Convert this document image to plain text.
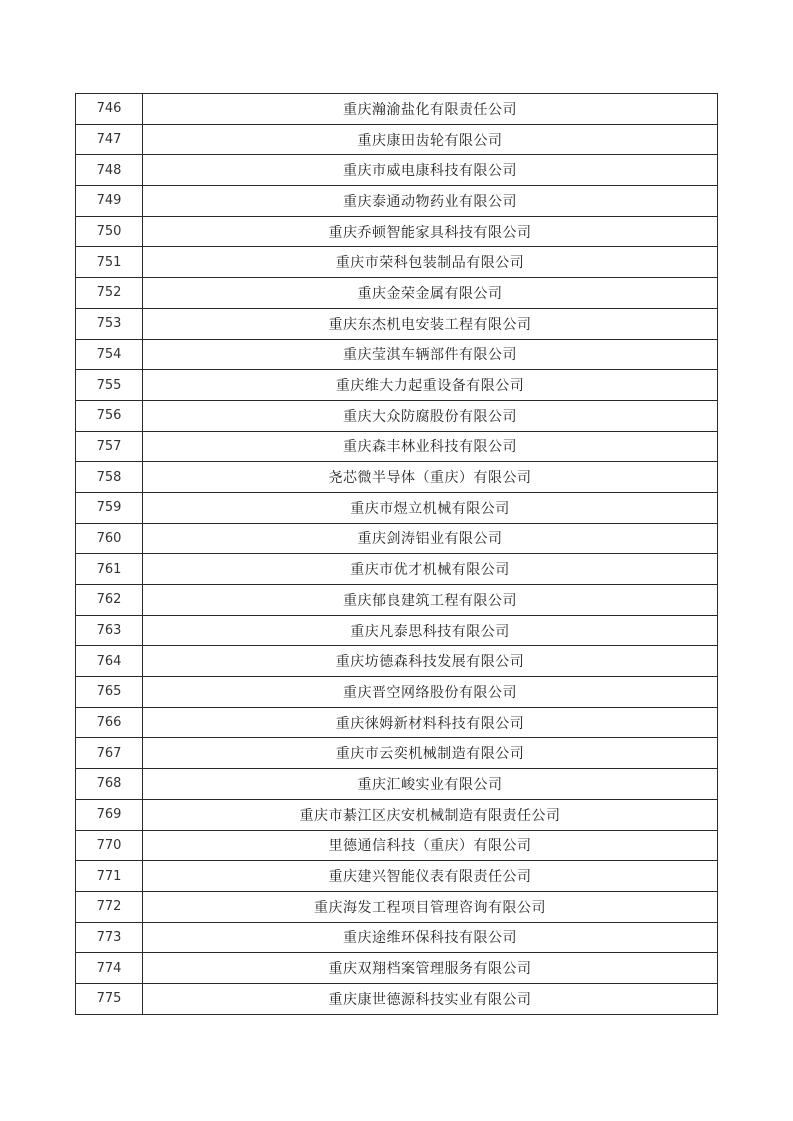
746	重庆瀚渝盐化有限责任公司
747	重庆康田齿轮有限公司
748	重庆市威电康科技有限公司
749	重庆泰通动物药业有限公司
750	重庆乔顿智能家具科技有限公司
751	重庆市荣科包装制品有限公司
752	重庆金荣金属有限公司
753	重庆东杰机电安装工程有限公司
754	重庆莹淇车辆部件有限公司
755	重庆维大力起重设备有限公司
756	重庆大众防腐股份有限公司
757	重庆森丰林业科技有限公司
758	尧芯微半导体（重庆）有限公司
759	重庆市煜立机械有限公司
760	重庆剑涛铝业有限公司
761	重庆市优才机械有限公司
762	重庆郁良建筑工程有限公司
763	重庆凡泰思科技有限公司
764	重庆坊德森科技发展有限公司
765	重庆晋空网络股份有限公司
766	重庆徕姆新材料科技有限公司
767	重庆市云奕机械制造有限公司
768	重庆汇峻实业有限公司
769	重庆市綦江区庆安机械制造有限责任公司
770	里德通信科技（重庆）有限公司
771	重庆建兴智能仪表有限责任公司
772	重庆海发工程项目管理咨询有限公司
773	重庆途维环保科技有限公司
774	重庆双翔档案管理服务有限公司
775	重庆康世德源科技实业有限公司
